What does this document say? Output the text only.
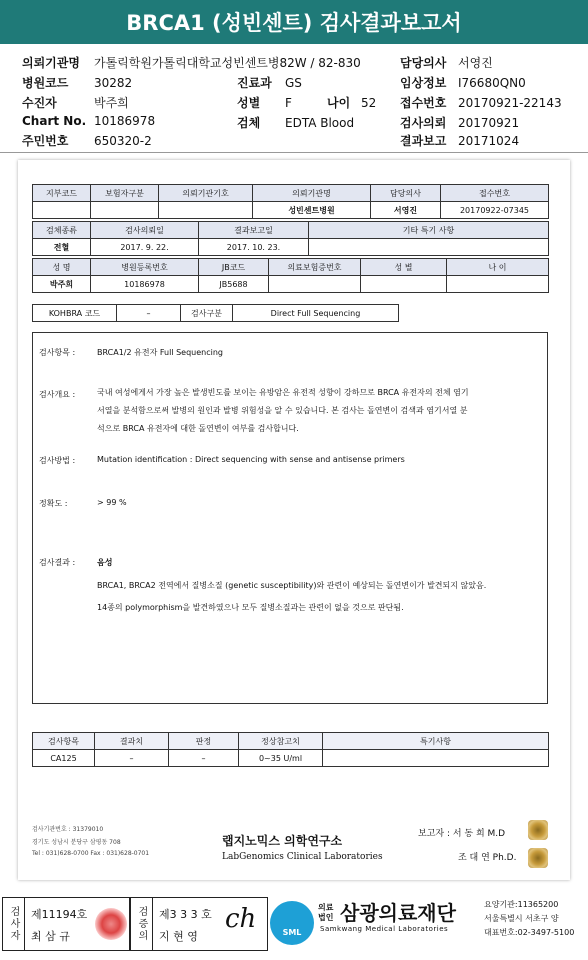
BRCA1 (성빈센트) 검사결과보고서
의뢰기관명 가톨릭학원가톨릭대학교성빈센트병82W / 82-830
병원코드 30282
수진자	박주희
Chart No. 10186978
주민번호 650320-2
진료과 GS
성별 F	나이 52
검체 EDTA Blood
담당의사 서영진
임상정보 I76680QN0
접수번호 20170921-22143
검사의뢰 20170921
결과보고 20171024
지부코드	보험자구분	의뢰기관기호	의뢰기관명	담당의사	접수번호
			성빈센트병원	서영진	20170922-07345
검체종류	검사의뢰일	결과보고일	기타 특기 사항
전혈	2017. 9. 22.	2017. 10. 23.	
성 명	병원등록번호	JB코드	의료보험증번호	성 별	나 이
박주희	10186978	JB5688			
KOHBRA 코드	–	검사구분	Direct Full Sequencing
검사항목 :	BRCA1/2 유전자 Full Sequencing
검사개요 :	국내 여성에게서 가장 높은 발생빈도를 보이는 유방암은 유전적 성향이 강하므로 BRCA 유전자의 전체 염기
서열을 분석함으로써 발병의 원인과 발병 위험성을 알 수 있습니다. 본 검사는 돌연변이 검색과 염기서열 분
석으로 BRCA 유전자에 대한 돌연변이 여부를 검사합니다.
검사방법 :	Mutation identification : Direct sequencing with sense and antisense primers
정확도 :	> 99 %
검사결과 :	음성
BRCA1, BRCA2 전역에서 질병소질 (genetic susceptibility)와 관련이 예상되는 돌연변이가 발견되지 않았음.
14종의 polymorphism을 발견하였으나 모두 질병소질과는 관련이 없을 것으로 판단됨.
검사항목	결과치	판정	정상참고치	특기사항
CA125	–	–	0~35 U/ml	
검사기관번호 : 31379010
경기도 성남시 분당구 삼평동 708
Tel : 031)628-0700 Fax : 031)628-0701
랩지노믹스 의학연구소
LabGenomics Clinical Laboratories
보고자 : 서 동 희 M.D
조 대 연 Ph.D.
검사자	제11194호
최 삼 규	검증의	제3 3 3 호
지 현 영
ch	SML
의료
법인 삼광의료재단
Samkwang Medical Laboratories
요양기관:11365200
서울특별시 서초구 양
대표번호:02-3497-5100
